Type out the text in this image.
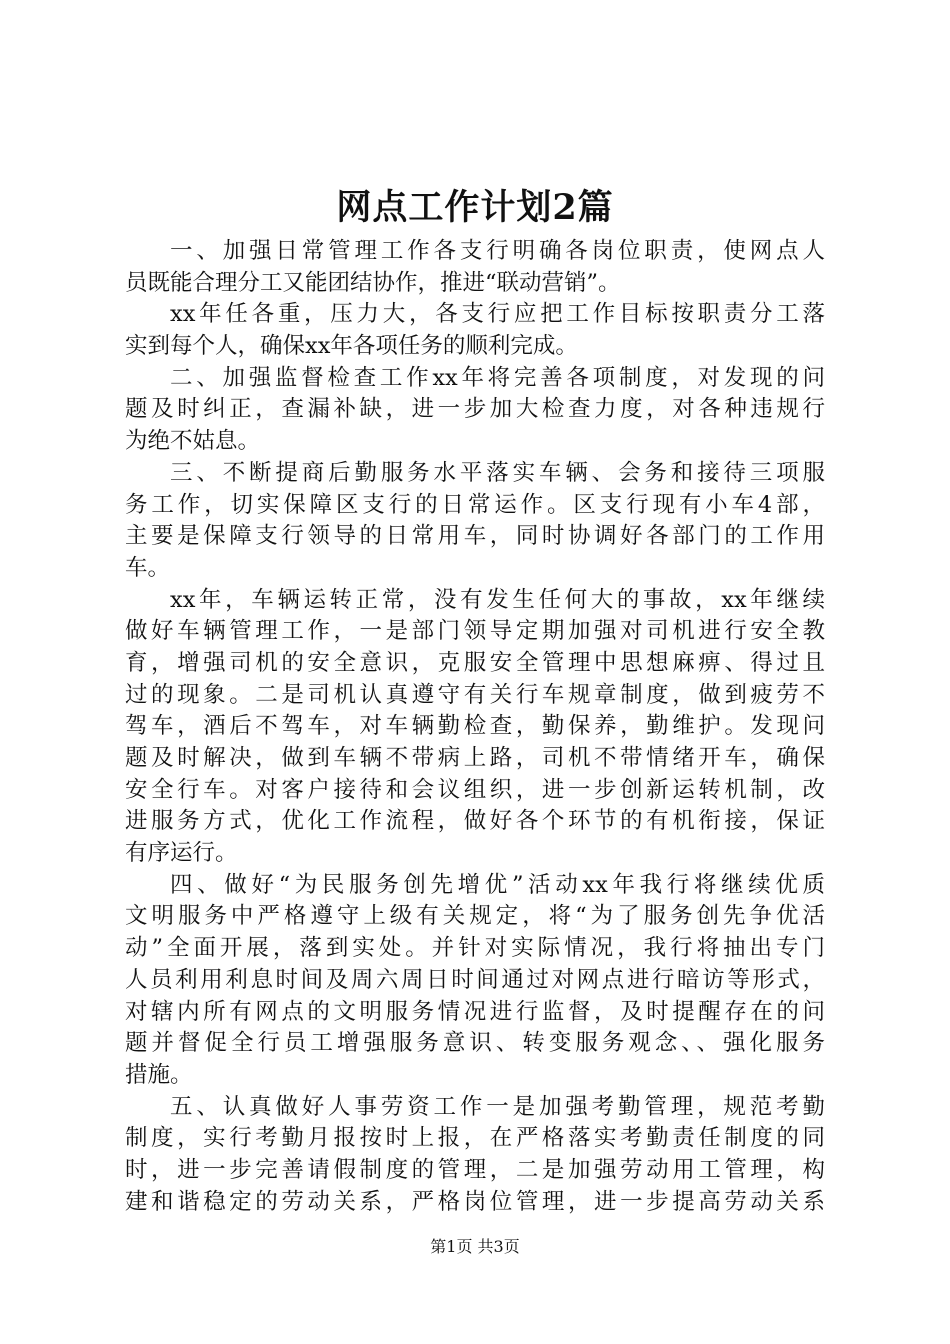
网点工作计划2篇
一、加强日常管理工作各支行明确各岗位职责，使网点人
员既能合理分工又能团结协作，推进“联动营销”。
xx年任各重，压力大，各支行应把工作目标按职责分工落
实到每个人，确保xx年各项任务的顺利完成。
二、加强监督检查工作xx年将完善各项制度，对发现的问
题及时纠正，查漏补缺，进一步加大检查力度，对各种违规行
为绝不姑息。
三、不断提商后勤服务水平落实车辆、会务和接待三项服
务工作，切实保障区支行的日常运作。区支行现有小车4部，
主要是保障支行领导的日常用车，同时协调好各部门的工作用
车。
xx年，车辆运转正常，没有发生任何大的事故，xx年继续
做好车辆管理工作，一是部门领导定期加强对司机进行安全教
育，增强司机的安全意识，克服安全管理中思想麻痹、得过且
过的现象。二是司机认真遵守有关行车规章制度，做到疲劳不
驾车，酒后不驾车，对车辆勤检查，勤保养，勤维护。发现问
题及时解决，做到车辆不带病上路，司机不带情绪开车，确保
安全行车。对客户接待和会议组织，进一步创新运转机制，改
进服务方式，优化工作流程，做好各个环节的有机衔接，保证
有序运行。
四、做好“为民服务创先增优”活动xx年我行将继续优质
文明服务中严格遵守上级有关规定，将“为了服务创先争优活
动”全面开展，落到实处。并针对实际情况，我行将抽出专门
人员利用利息时间及周六周日时间通过对网点进行暗访等形式，
对辖内所有网点的文明服务情况进行监督，及时提醒存在的问
题并督促全行员工增强服务意识、转变服务观念、、强化服务
措施。
五、认真做好人事劳资工作一是加强考勤管理，规范考勤
制度，实行考勤月报按时上报，在严格落实考勤责任制度的同
时，进一步完善请假制度的管理，二是加强劳动用工管理，构
建和谐稳定的劳动关系，严格岗位管理，进一步提高劳动关系
第1页 共3页
